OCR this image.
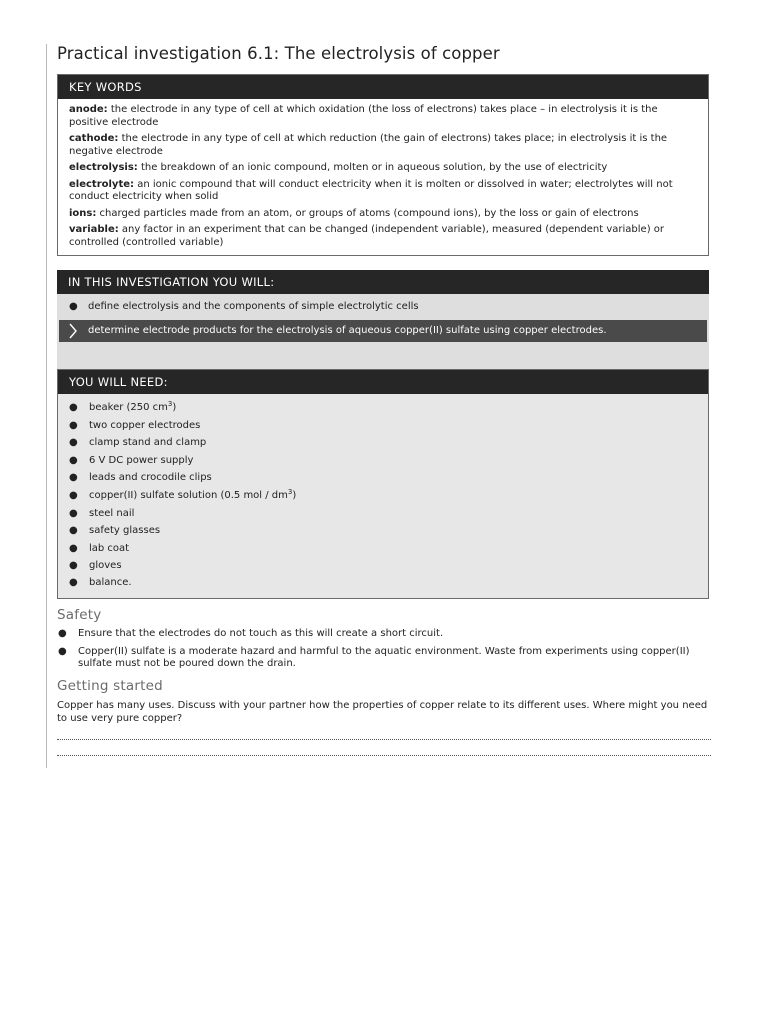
Practical investigation 6.1: The electrolysis of copper
KEY WORDS
anode: the electrode in any type of cell at which oxidation (the loss of electrons) takes place – in electrolysis it is the positive electrode
cathode: the electrode in any type of cell at which reduction (the gain of electrons) takes place; in electrolysis it is the negative electrode
electrolysis: the breakdown of an ionic compound, molten or in aqueous solution, by the use of electricity
electrolyte: an ionic compound that will conduct electricity when it is molten or dissolved in water; electrolytes will not conduct electricity when solid
ions: charged particles made from an atom, or groups of atoms (compound ions), by the loss or gain of electrons
variable: any factor in an experiment that can be changed (independent variable), measured (dependent variable) or controlled (controlled variable)
IN THIS INVESTIGATION YOU WILL:
● define electrolysis and the components of simple electrolytic cells
determine electrode products for the electrolysis of aqueous copper(II) sulfate using copper electrodes.
YOU WILL NEED:
● beaker (250 $cm^3$)
● two copper electrodes
● clamp stand and clamp
● 6 V DC power supply
● leads and crocodile clips
● copper(II) sulfate solution (0.5 mol / $dm^3$)
● steel nail
● safety glasses
● lab coat
● gloves
● balance.
Safety
● Ensure that the electrodes do not touch as this will create a short circuit.
● Copper(II) sulfate is a moderate hazard and harmful to the aquatic environment. Waste from experiments using copper(II) sulfate must not be poured down the drain.
Getting started
Copper has many uses. Discuss with your partner how the properties of copper relate to its different uses. Where might you need to use very pure copper?
